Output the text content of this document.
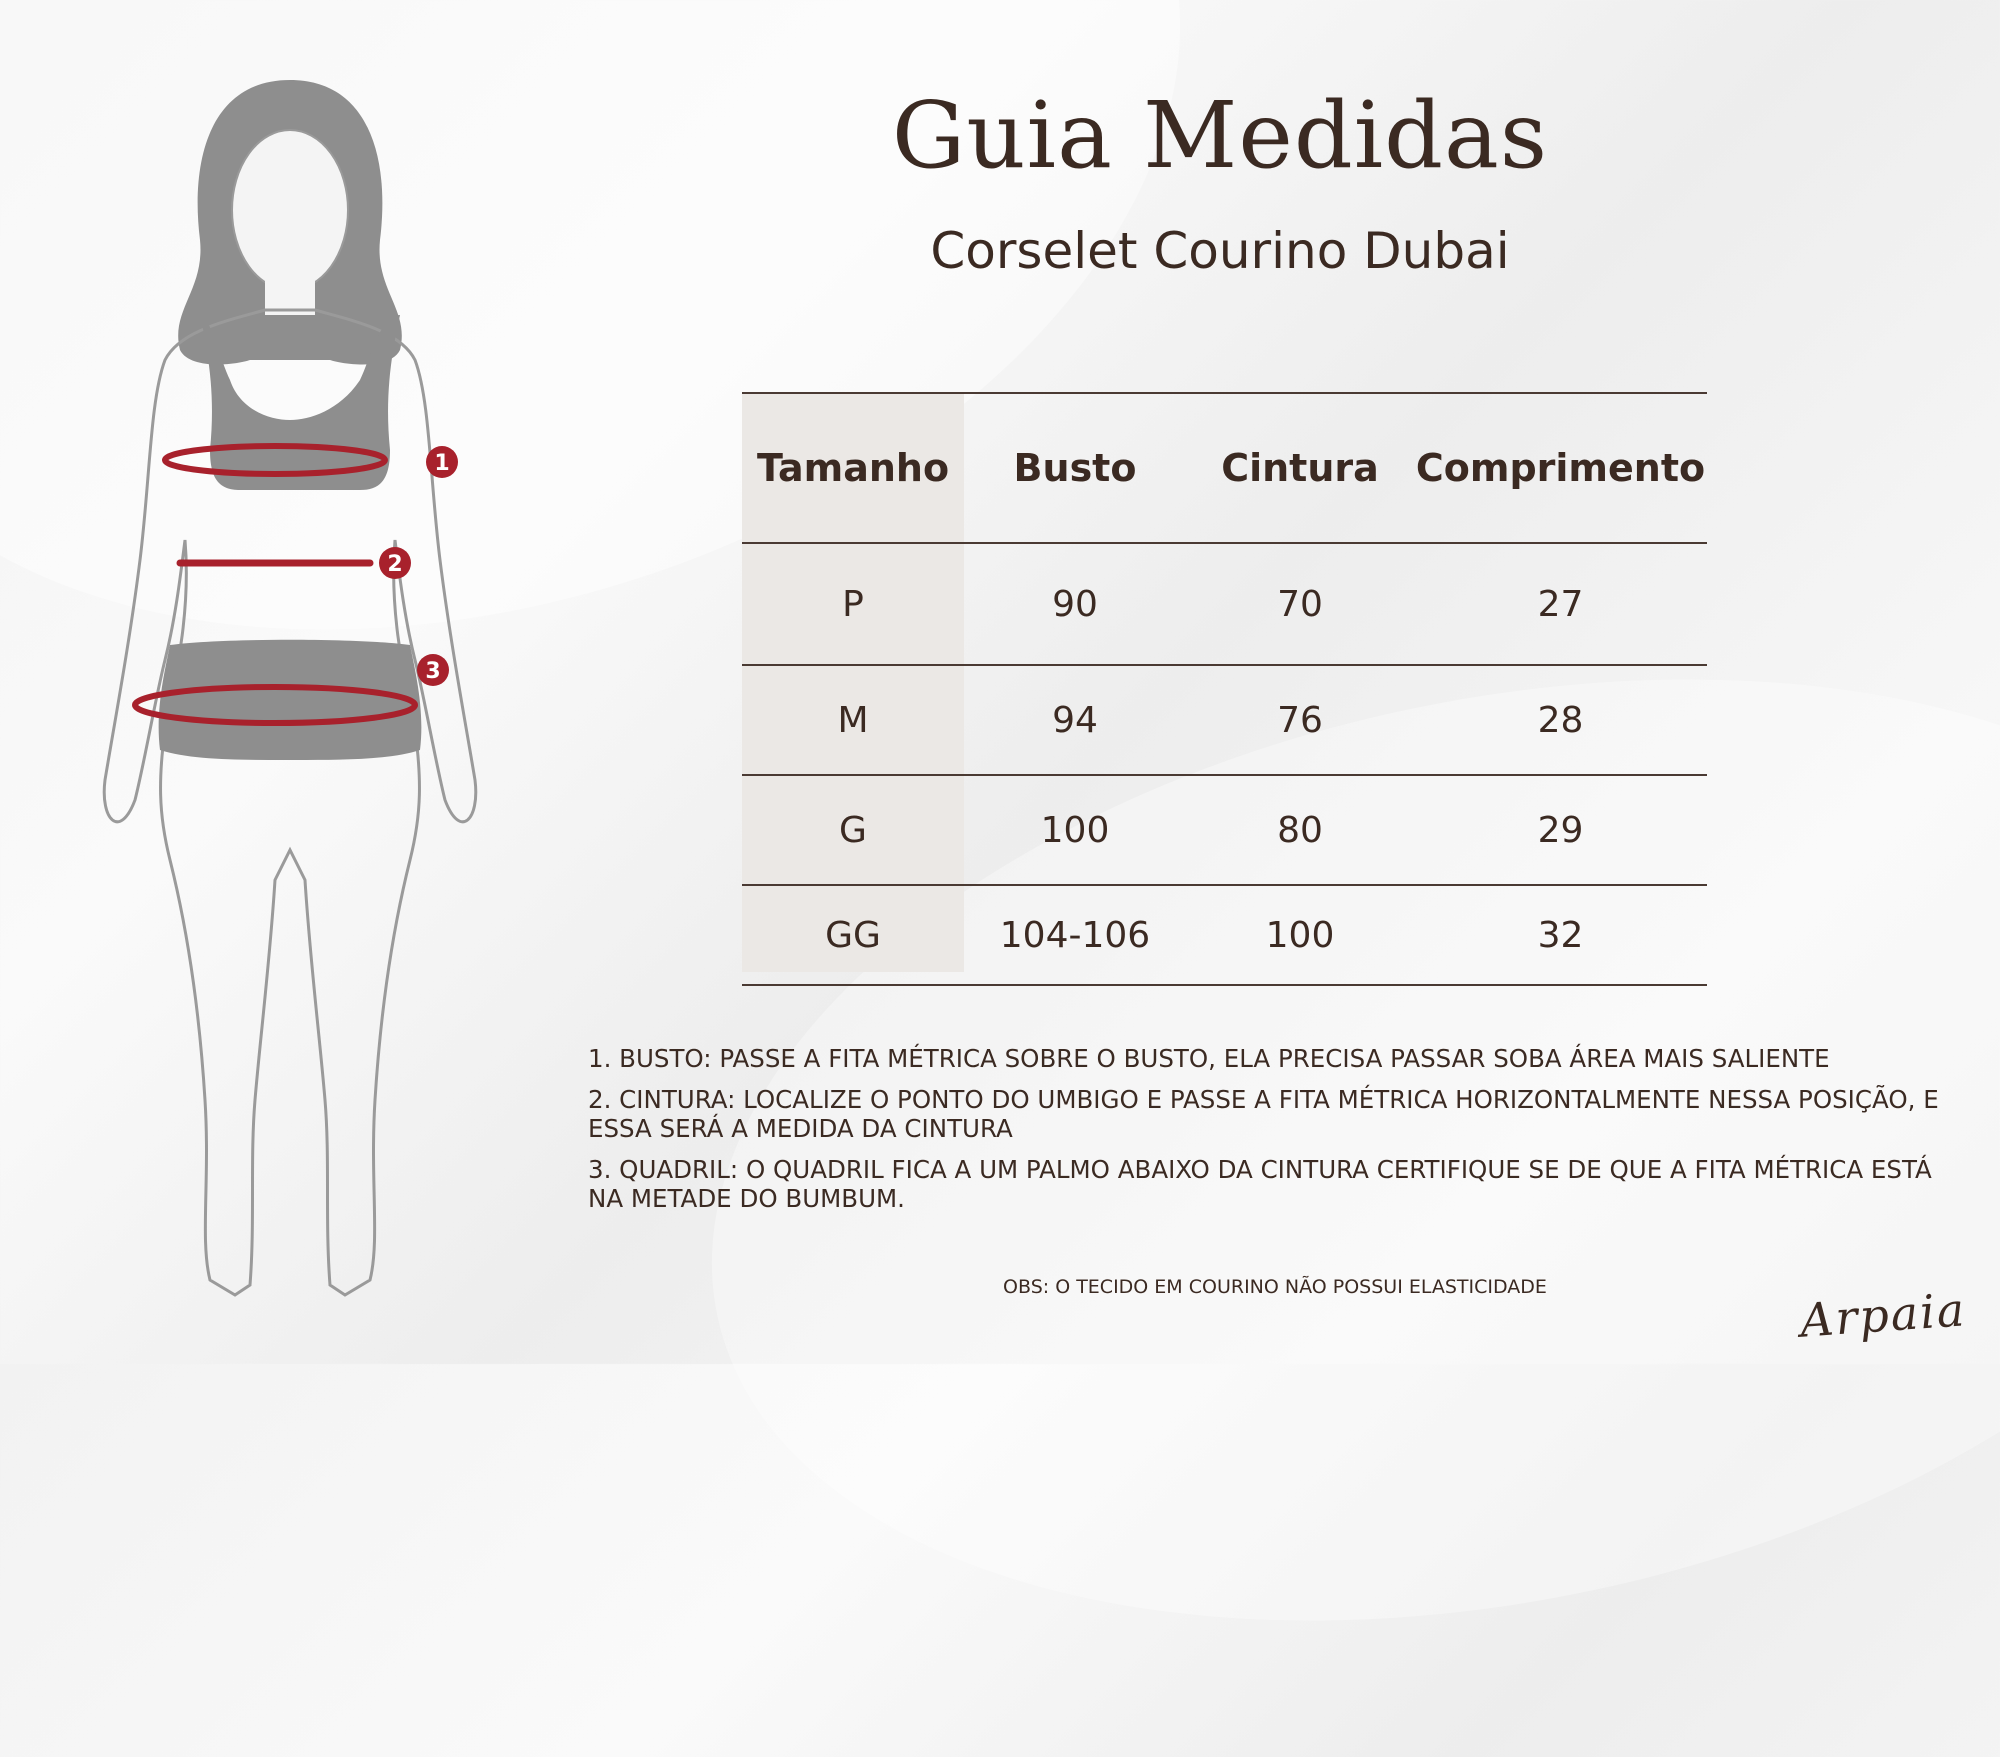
1
2
3
Guia Medidas
Corselet Courino Dubai
Tamanho	Busto	Cintura	Comprimento
P	90	70	27
M	94	76	28
G	100	80	29
GG	104-106	100	32

1. BUSTO: PASSE A FITA MÉTRICA SOBRE O BUSTO, ELA PRECISA PASSAR SOBA ÁREA MAIS SALIENTE

2. CINTURA: LOCALIZE O PONTO DO UMBIGO E PASSE A FITA MÉTRICA HORIZONTALMENTE NESSA POSIÇÃO, E ESSA SERÁ A MEDIDA DA CINTURA

3. QUADRIL: O QUADRIL FICA A UM PALMO ABAIXO DA CINTURA CERTIFIQUE SE DE QUE A FITA MÉTRICA ESTÁ NA METADE DO BUMBUM.

OBS: O TECIDO EM COURINO NÃO POSSUI ELASTICIDADE	Arpaia
